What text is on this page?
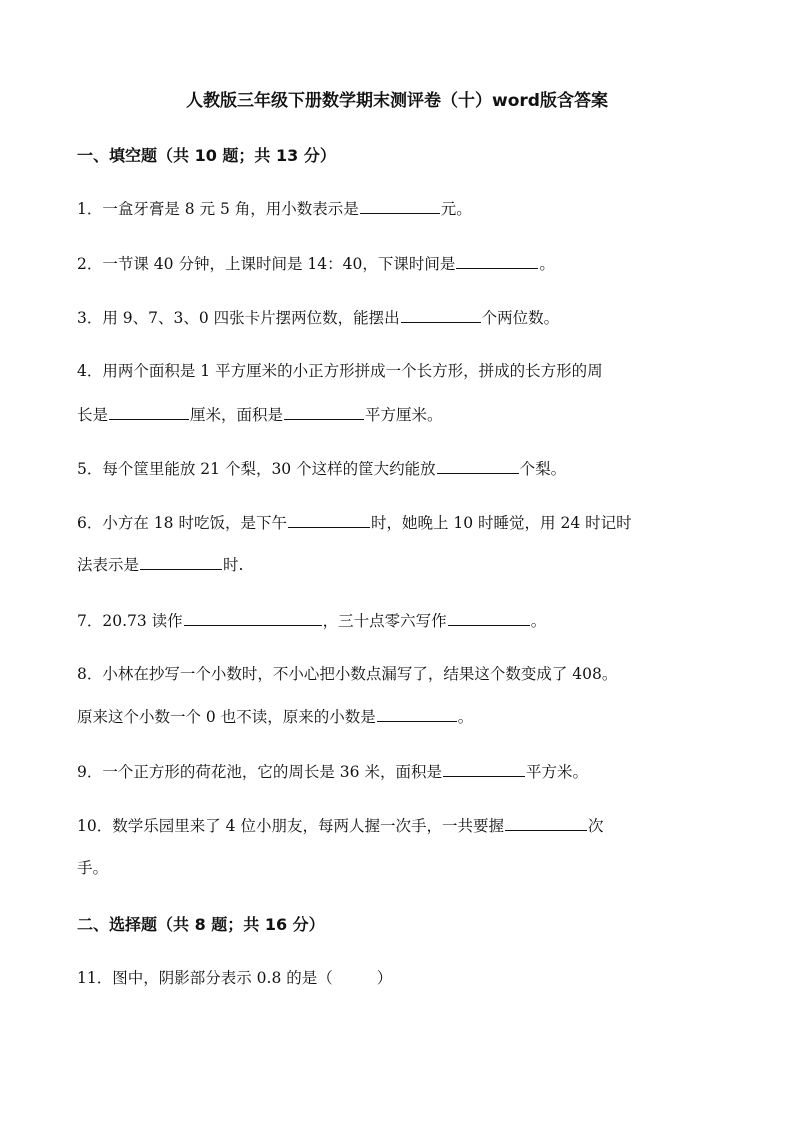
人教版三年级下册数学期末测评卷（十）word版含答案
一、填空题（共 10 题；共 13 分）
1．一盒牙膏是 8 元 5 角，用小数表示是	元。
2．一节课 40 分钟，上课时间是 14：40，下课时间是	。
3．用 9、7、3、0 四张卡片摆两位数，能摆出	个两位数。
4．用两个面积是 1 平方厘米的小正方形拼成一个长方形，拼成的长方形的周
长是	厘米，面积是	平方厘米。
5．每个筐里能放 21 个梨，30 个这样的筐大约能放	个梨。
6．小方在 18 时吃饭，是下午	时，她晚上 10 时睡觉，用 24 时记时
法表示是	时.
7．20.73 读作	，三十点零六写作	。
8．小林在抄写一个小数时，不小心把小数点漏写了，结果这个数变成了 408。
原来这个小数一个 0 也不读，原来的小数是	。
9．一个正方形的荷花池，它的周长是 36 米，面积是	平方米。
10．数学乐园里来了 4 位小朋友，每两人握一次手，一共要握	次
手。
二、选择题（共 8 题；共 16 分）
11．图中，阴影部分表示 0.8 的是（	）
